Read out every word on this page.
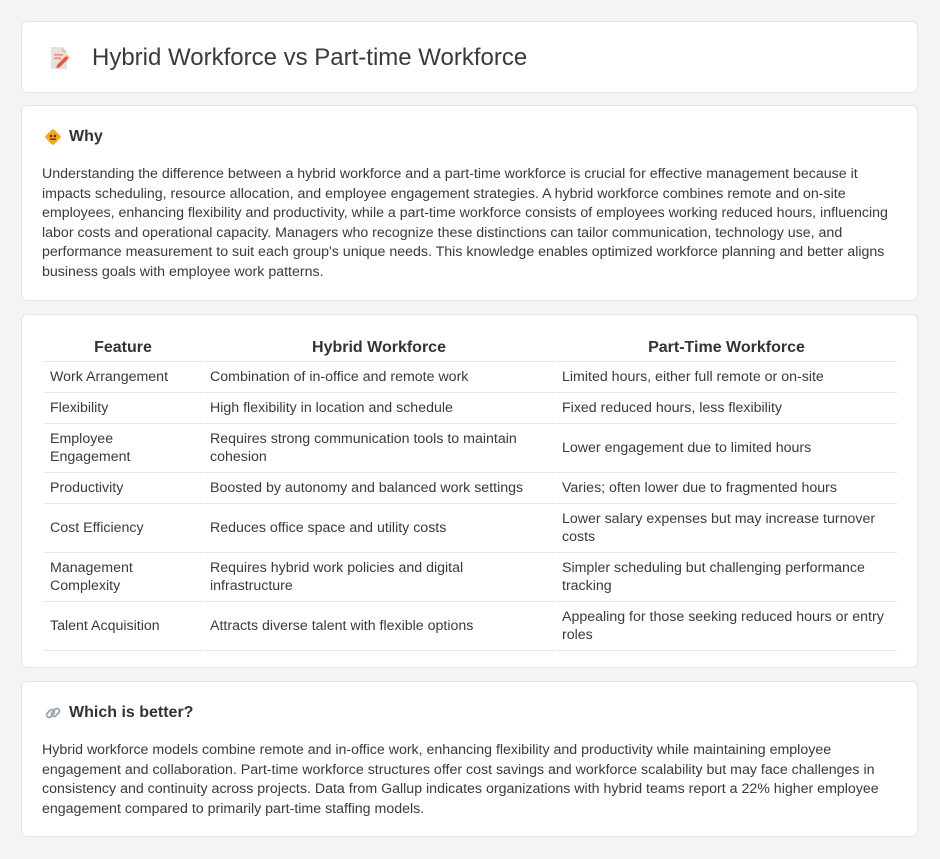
Hybrid Workforce vs Part-time Workforce
Why

Understanding the difference between a hybrid workforce and a part-time workforce is crucial for effective management because it impacts scheduling, resource allocation, and employee engagement strategies. A hybrid workforce combines remote and on-site employees, enhancing flexibility and productivity, while a part-time workforce consists of employees working reduced hours, influencing labor costs and operational capacity. Managers who recognize these distinctions can tailor communication, technology use, and performance measurement to suit each group's unique needs. This knowledge enables optimized workforce planning and better aligns business goals with employee work patterns.

Feature	Hybrid Workforce	Part-Time Workforce
Work Arrangement	Combination of in-office and remote work	Limited hours, either full remote or on-site
Flexibility	High flexibility in location and schedule	Fixed reduced hours, less flexibility
Employee Engagement	Requires strong communication tools to maintain cohesion	Lower engagement due to limited hours
Productivity	Boosted by autonomy and balanced work settings	Varies; often lower due to fragmented hours
Cost Efficiency	Reduces office space and utility costs	Lower salary expenses but may increase turnover costs
Management Complexity	Requires hybrid work policies and digital infrastructure	Simpler scheduling but challenging performance tracking
Talent Acquisition	Attracts diverse talent with flexible options	Appealing for those seeking reduced hours or entry roles
Which is better?

Hybrid workforce models combine remote and in-office work, enhancing flexibility and productivity while maintaining employee engagement and collaboration. Part-time workforce structures offer cost savings and workforce scalability but may face challenges in consistency and continuity across projects. Data from Gallup indicates organizations with hybrid teams report a 22% higher employee engagement compared to primarily part-time staffing models.
